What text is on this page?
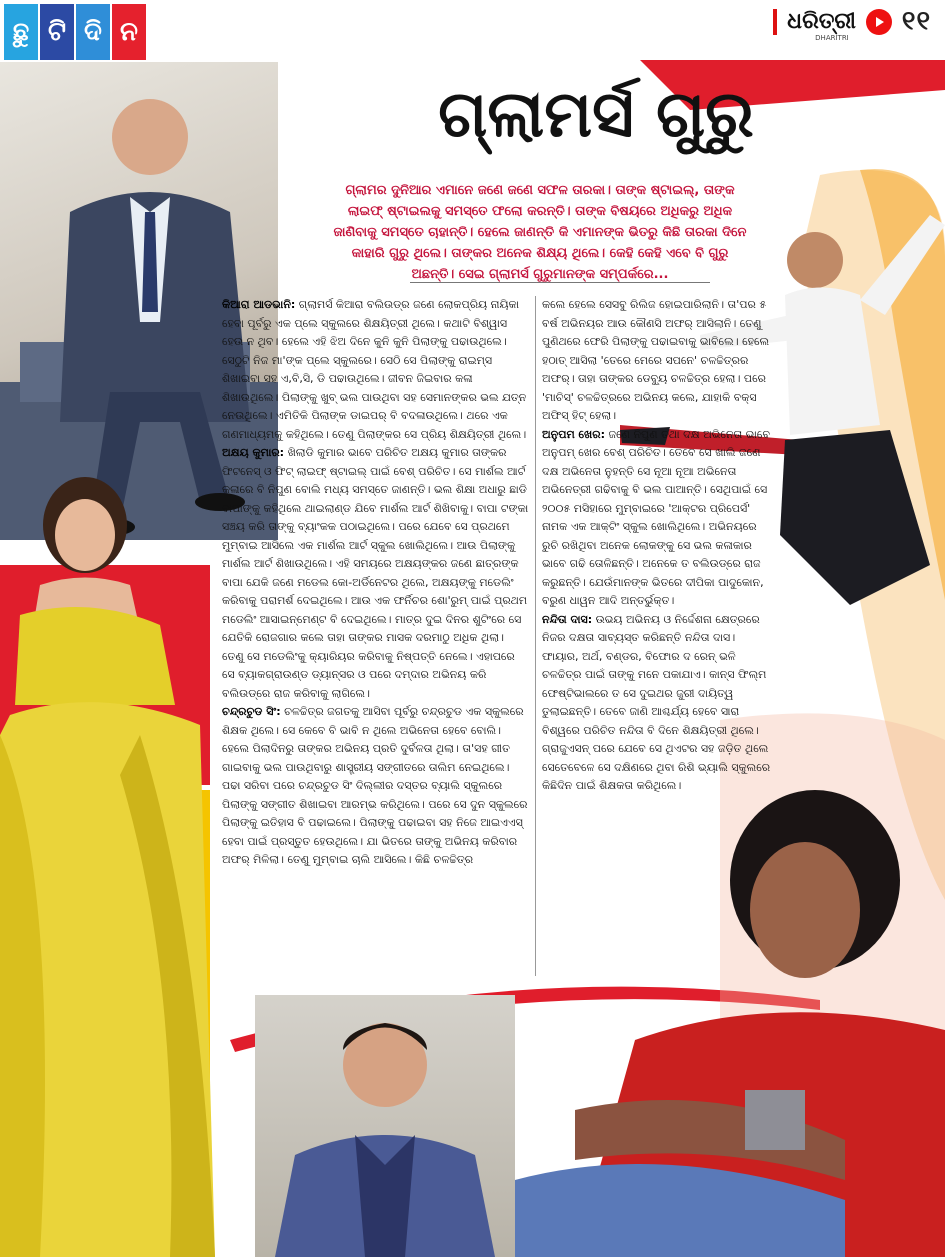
ଛୁ ଟି ଦି ନ	ଧରିତ୍ରୀ
DHARITRI
୧୧
ଗ୍ଲାମର୍ସ ଗୁରୁ
ଗ୍ଲାମର ଦୁନିଆର ଏମାନେ ଜଣେ ଜଣେ ସଫଳ ତାରକା। ତାଙ୍କ ଷ୍ଟାଇଲ୍, ତାଙ୍କ ଲାଇଫ୍ ଷ୍ଟାଇଲକୁ ସମସ୍ତେ ଫଲୋ କରନ୍ତି। ତାଙ୍କ ବିଷୟରେ ଅଧିକରୁ ଅଧିକ ଜାଣିବାକୁ ସମସ୍ତେ ଚାହାନ୍ତି। ହେଲେ ଜାଣନ୍ତି କି ଏମାନଙ୍କ ଭିତରୁ କିଛି ତାରକା ଦିନେ କାହାରି ଗୁରୁ ଥିଲେ। ତାଙ୍କର ଅନେକ ଶିକ୍ଷ୍ୟ ଥିଲେ। କେହି କେହି ଏବେ ବି ଗୁରୁ ଅଛନ୍ତି। ସେଇ ଗ୍ଲାମର୍ସ ଗୁରୁମାନଙ୍କ ସମ୍ପର୍କରେ...

କିଆରା ଆଡଭାନି: ଗ୍ଲାମର୍ସ କିଆରା ବଲିଉଡ୍‌ର ଜଣେ ଲୋକପ୍ରିୟ ନାୟିକା ହେବା ପୂର୍ବରୁ ଏକ ପ୍ଲେ ସ୍କୁଲରେ ଶିକ୍ଷୟିତ୍ରୀ ଥିଲେ। କଥାଟି ବିଶ୍ୱାସ ହେଉ ନ ଥିବ। ହେଲେ ଏହି ଝିଅ ଦିନେ କୁନି କୁନି ପିଲାଙ୍କୁ ପଢାଉଥିଲେ। ସେଠୁଟି ନିଜ ମା'ଙ୍କ ପ୍ଲେ ସ୍କୁଲରେ। ସେଠି ସେ ପିଲାଙ୍କୁ ରାଇମ୍ସ ଶିଖାଇବା ସହ ଏ,ବି,ସି, ଡି ପଢାଉଥିଲେ। ଜୀବନ ଜିଇବାର କଳା ଶିଖାଉଥିଲେ। ପିଲାଙ୍କୁ ଖୁବ୍ ଭଲ ପାଉଥିବା ସହ ସେମାନଙ୍କର ଭଲ ଯତ୍ନ ନେଉଥିଲେ। ଏମିତିକି ପିଲାଙ୍କ ଡାଇପର୍ ବି ବଦଳାଉଥିଲେ। ଥରେ ଏକ ଗଣମାଧ୍ୟମକୁ କହିଥିଲେ। ତେଣୁ ପିଲାଙ୍କର ସେ ପ୍ରିୟ ଶିକ୍ଷୟିତ୍ରୀ ଥିଲେ।

ଅକ୍ଷୟ କୁମାର: ଖିଲାଡି କୁମାର ଭାବେ ପରିଚିତ ଅକ୍ଷୟ କୁମାର ତାଙ୍କର ଫିଟନେସ୍ ଓ ଫିଟ୍ ଲାଇଫ୍ ଷ୍ଟାଇଲ୍ ପାଇଁ ବେଶ୍ ପରିଚିତ। ସେ ମାର୍ଶଲ ଆର୍ଟ କଳାରେ ବି ନିପୁଣ ବୋଲି ମଧ୍ୟ ସମସ୍ତେ ଜାଣନ୍ତି। ଭଲ ଶିକ୍ଷା ଅଧାରୁ ଛାଡି ବାପାଙ୍କୁ କହିଥିଲେ ଥାଇଲାଣ୍ଡ ଯିବେ ମାର୍ଶଲ ଆର୍ଟ ଶିଖିବାକୁ। ବାପା ଟଙ୍କା ସଞ୍ଚୟ କରି ତାଙ୍କୁ ବ୍ୟାଂକକ ପଠାଇଥିଲେ। ପରେ ଯେବେ ସେ ପ୍ରଥମେ ମୁମ୍ବାଇ ଆସିଲେ ଏକ ମାର୍ଶଲ ଆର୍ଟ ସ୍କୁଲ ଖୋଲିଥିଲେ। ଆଉ ପିଲାଙ୍କୁ ମାର୍ଶଲ ଆର୍ଟ ଶିଖାଉଥିଲେ। ଏହି ସମୟରେ ଅକ୍ଷୟଙ୍କର ଜଣେ ଛାତ୍ରଙ୍କ ବାପା ଯେକି ଜଣେ ମଡେଲ କୋ-ଅର୍ଡିନେଟର ଥିଲେ, ଅକ୍ଷୟଙ୍କୁ ମଡେଲିଂ କରିବାକୁ ପରାମର୍ଶ ଦେଇଥିଲେ। ଆଉ ଏକ ଫର୍ନିଚର ଶୋ'ରୁମ୍ ପାଇଁ ପ୍ରଥମ ମଡେଲିଂ ଆସାଇନ୍‌ମେଣ୍ଟ ବି ଦେଇଥିଲେ। ମାତ୍ର ଦୁଇ ଦିନର ଶୁଟିଂରେ ସେ ଯେତିକି ରୋଜଗାର କଲେ ତାହା ତାଙ୍କର ମାସକ ଦରମାଠୁ ଅଧିକ ଥିଲା। ତେଣୁ ସେ ମଡେଲିଂକୁ କ୍ୟାରିୟର କରିବାକୁ ନିଷ୍ପତ୍ତି ନେଲେ। ଏହାପରେ ସେ ବ୍ୟାକଗ୍ରାଉଣ୍ଡ ଡ୍ୟାନ୍ସର ଓ ପରେ ଦମ୍ଦାର ଅଭିନୟ କରି ବଲିଉଡ୍‌ରେ ରାଜ କରିବାକୁ ଲାଗିଲେ।

ଚନ୍ଦ୍ରଚୁଡ ସିଂ: ଚଳଚ୍ଚିତ୍ର ଜଗତକୁ ଆସିବା ପୂର୍ବରୁ ଚନ୍ଦ୍ରଚୁଡ ଏକ ସ୍କୁଲରେ ଶିକ୍ଷକ ଥିଲେ। ସେ କେବେ ବି ଭାବି ନ ଥିଲେ ଅଭିନେତା ହେବେ ବୋଲି। ହେଲେ ପିଲାଦିନରୁ ତାଙ୍କର ଅଭିନୟ ପ୍ରତି ଦୁର୍ବଳତା ଥିଲା। ତା'ସହ ଗୀତ ଗାଇବାକୁ ଭଲ ପାଉଥିବାରୁ ଶାସ୍ତ୍ରୀୟ ସଙ୍ଗୀତରେ ତାଲିମ ନେଇଥିଲେ। ପଢା ସରିବା ପରେ ଚନ୍ଦ୍ରଚୁଡ ସିଂ ଦିଲ୍ଲୀର ଦସ୍ତର ବ୍ୟାଲି ସ୍କୁଲରେ ପିଲାଙ୍କୁ ସଙ୍ଗୀତ ଶିଖାଇବା ଆରମ୍ଭ କରିଥିଲେ। ପରେ ସେ ଦୁନ ସ୍କୁଲରେ ପିଲାଙ୍କୁ ଇତିହାସ ବି ପଢାଇଲେ। ପିଲାଙ୍କୁ ପଢାଇବା ସହ ନିଜେ ଆଇଏଏସ୍ ହେବା ପାଇଁ ପ୍ରସ୍ତୁତ ହେଉଥିଲେ। ଯା ଭିତରେ ତାଙ୍କୁ ଅଭିନୟ କରିବାର ଅଫର୍ ମିଳିଲା। ତେଣୁ ମୁମ୍ବାଇ ଚାଲି ଆସିଲେ। କିଛି ଚଳଚ୍ଚିତ୍ର

କଲେ ହେଲେ ସେସବୁ ରିଲିଜ ହୋଇପାରିଲାନି। ତା'ପର ୫ ବର୍ଷ ଅଭିନୟର ଆଉ କୌଣସି ଅଫର୍ ଆସିଲାନି। ତେଣୁ ପୁଣିଥରେ ଫେରି ପିଲାଙ୍କୁ ପଢାଇବାକୁ ଭାବିଲେ। ହେଲେ ହଠାତ୍ ଆସିଲା 'ତେରେ ମେରେ ସପନେ' ଚଳଚ୍ଚିତ୍ରର ଅଫର୍। ତାହା ତାଙ୍କର ଡେବ୍ୟୁ ଚଳଚ୍ଚିତ୍ର ହେଲା। ପରେ 'ମାଚିସ୍' ଚଳଚ୍ଚିତ୍ରରେ ଅଭିନୟ କଲେ, ଯାହାକି ବକ୍ସ ଅଫିସ୍ ହିଟ୍ ହେଲା।

ଅନୁପମ ଖେର: ଜଣେ ନିପୁଣ ତଥା ଦକ୍ଷ ଅଭିନେତା ଭାବେ ଅନୁପମ୍ ଖେର ବେଶ୍ ପରିଚିତ। ତେବେ ସେ ଖାଲି ଜଣେ ଦକ୍ଷ ଅଭିନେତା ନୁହନ୍ତି ସେ ନୂଆ ନୂଆ ଅଭିନେତା ଅଭିନେତ୍ରୀ ଗଢିବାକୁ ବି ଭଲ ପାଆନ୍ତି। ସେଥିପାଇଁ ସେ ୨୦୦୫ ମସିହାରେ ମୁମ୍ବାଇରେ 'ଆକ୍ଟର ପ୍ରିପେର୍ସ' ନାମକ ଏକ ଆକ୍ଟିଂ ସ୍କୁଲ ଖୋଲିଥିଲେ। ଅଭିନୟରେ ରୁଚି ରଖିଥିବା ଅନେକ ଲୋକଙ୍କୁ ସେ ଭଲ କଳାକାର ଭାବେ ଗଢି ତୋଳିଛନ୍ତି। ଅନେକେ ତ ବଲିଉଡ୍‌ରେ ରାଜ କରୁଛନ୍ତି। ଯେଉଁମାନଙ୍କ ଭିତରେ ଦୀପିକା ପାଦୁକୋନ, ବରୁଣ ଧାୱନ ଆଦି ଅନ୍ତର୍ଭୁକ୍ତ।

ନନ୍ଦିତା ଦାସ: ଉଭୟ ଅଭିନୟ ଓ ନିର୍ଦ୍ଦେଶନା କ୍ଷେତ୍ରରେ ନିଜର ଦକ୍ଷତା ସାବ୍ୟସ୍ତ କରିଛନ୍ତି ନନ୍ଦିତା ଦାସ। ଫାୟାର, ଅର୍ଥ, ବଣ୍ଡର, ବିଫୋର ଦ ରେନ୍ ଭଳି ଚଳଚ୍ଚିତ୍ର ପାଇଁ ତାଙ୍କୁ ମନେ ପକାଯାଏ। କାନ୍ସ ଫିଲ୍ମ ଫେଷ୍ଟିଭାଲରେ ତ ସେ ଦୁଇଥର ଜୁରୀ ଦାୟିତ୍ୱ ତୁଲାଇଛନ୍ତି। ତେବେ ଜାଣି ଆଶ୍ଚର୍ଯ୍ୟ ହେବେ ସାରା ବିଶ୍ୱରେ ପରିଚିତ ନନ୍ଦିତା ବି ଦିନେ ଶିକ୍ଷୟିତ୍ରୀ ଥିଲେ। ଗ୍ରାଜୁଏସନ୍ ପରେ ଯେବେ ସେ ଥିଏଟର ସହ ଜଡ଼ିତ ଥିଲେ ସେତେବେଳେ ସେ ଦକ୍ଷିଣରେ ଥିବା ରିଶି ଭ୍ୟାଲି ସ୍କୁଲରେ କିଛିଦିନ ପାଇଁ ଶିକ୍ଷକତା କରିଥିଲେ।
